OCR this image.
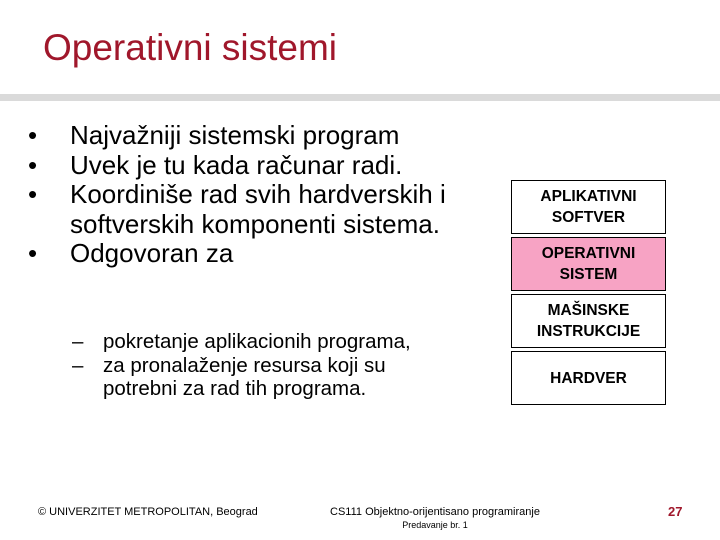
Operativni sistemi
• Najvažniji sistemski program
• Uvek je tu kada računar radi.
• Koordiniše rad svih hardverskih i softverskih komponenti sistema.
• Odgovoran za
– pokretanje aplikacionih programa,
– za pronalaženje resursa koji su potrebni za rad tih programa.
APLIKATIVNI SOFTVER
OPERATIVNI SISTEM
MAŠINSKE INSTRUKCIJE
HARDVER
© UNIVERZITET METROPOLITAN, Beograd	CS111 Objektno-orijentisano programiranje
Predavanje br. 1
27
